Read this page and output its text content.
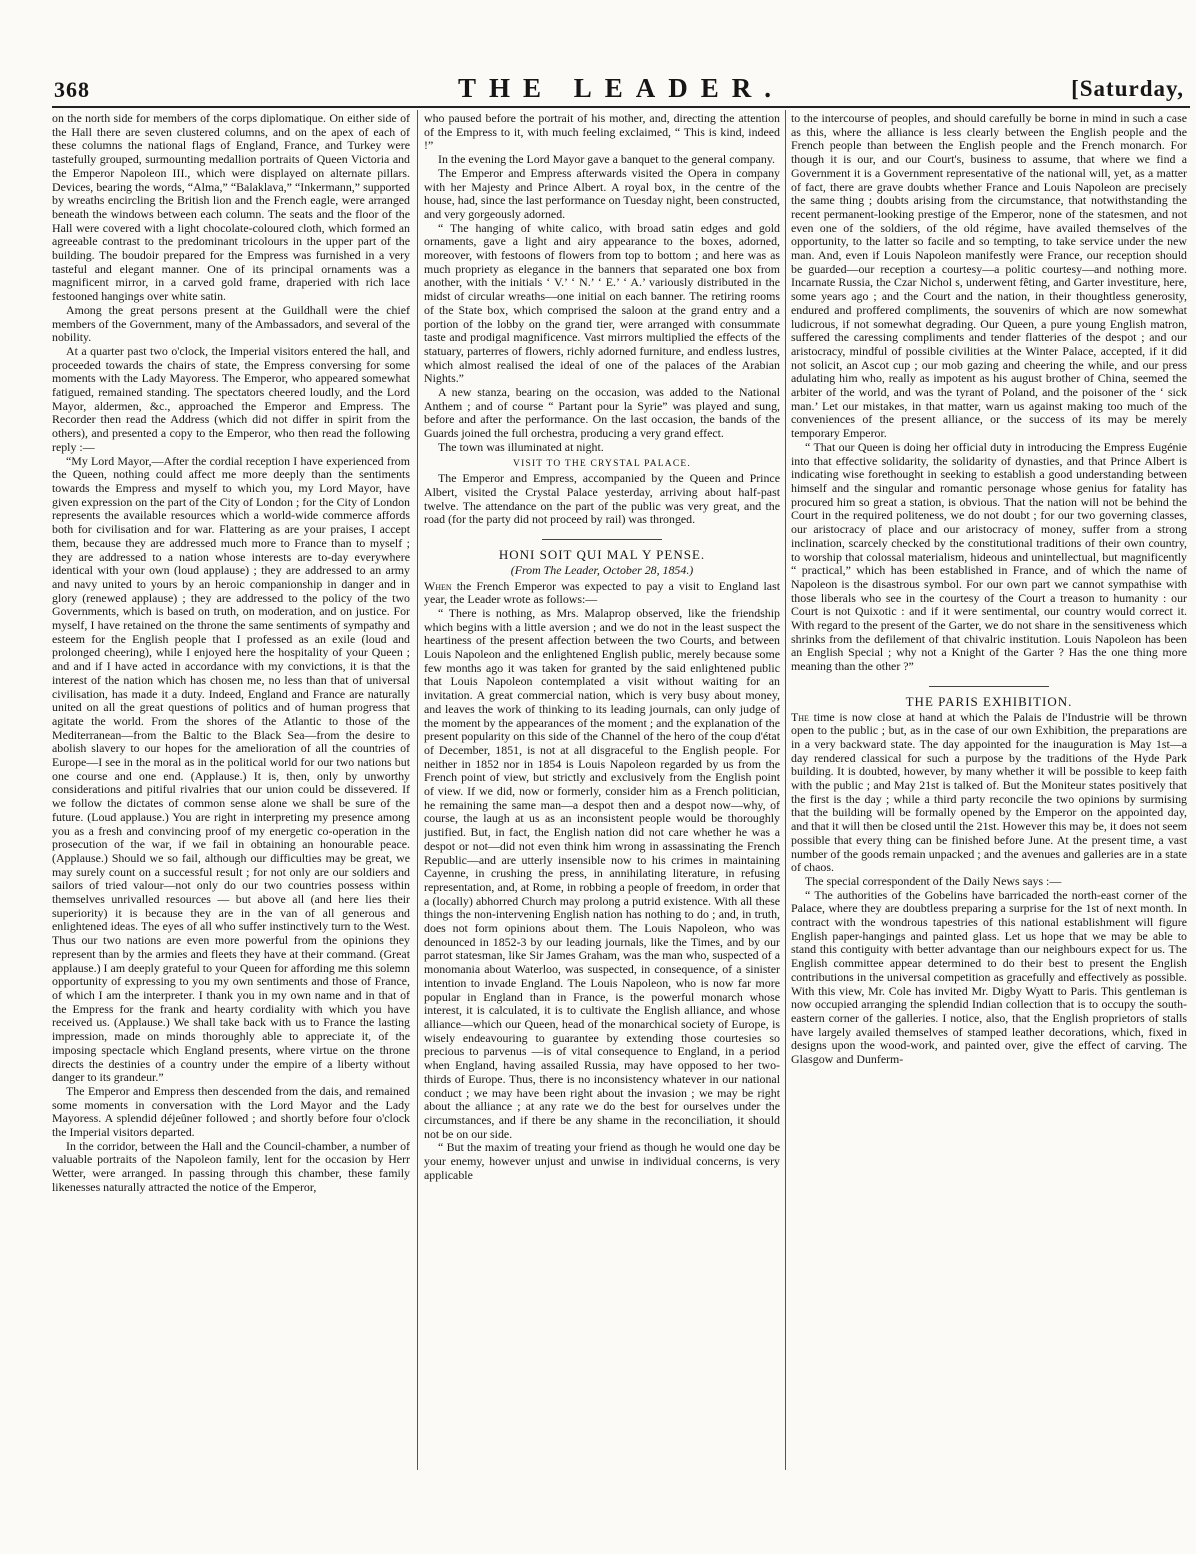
368	THE LEADER.	[Saturday,

on the north side for members of the corps diplomatique. On either side of the Hall there are seven clustered columns, and on the apex of each of these columns the national flags of England, France, and Turkey were tastefully grouped, surmounting medallion portraits of Queen Victoria and the Emperor Napoleon III., which were displayed on alternate pillars. Devices, bearing the words, “Alma,” “Balaklava,” “Inkermann,” supported by wreaths encircling the British lion and the French eagle, were arranged beneath the windows between each column. The seats and the floor of the Hall were covered with a light chocolate-coloured cloth, which formed an agreeable contrast to the predominant tricolours in the upper part of the building. The boudoir prepared for the Empress was furnished in a very tasteful and elegant manner. One of its principal ornaments was a magnificent mirror, in a carved gold frame, draperied with rich lace festooned hangings over white satin.

Among the great persons present at the Guildhall were the chief members of the Government, many of the Ambassadors, and several of the nobility.

At a quarter past two o'clock, the Imperial visitors entered the hall, and proceeded towards the chairs of state, the Empress conversing for some moments with the Lady Mayoress. The Emperor, who appeared somewhat fatigued, remained standing. The spectators cheered loudly, and the Lord Mayor, aldermen, &c., approached the Emperor and Empress. The Recorder then read the Address (which did not differ in spirit from the others), and presented a copy to the Emperor, who then read the following reply :—

“My Lord Mayor,—After the cordial reception I have experienced from the Queen, nothing could affect me more deeply than the sentiments towards the Empress and myself to which you, my Lord Mayor, have given expression on the part of the City of London ; for the City of London represents the available resources which a world-wide commerce affords both for civilisation and for war. Flattering as are your praises, I accept them, because they are addressed much more to France than to myself ; they are addressed to a nation whose interests are to-day everywhere identical with your own (loud applause) ; they are addressed to an army and navy united to yours by an heroic companionship in danger and in glory (renewed applause) ; they are addressed to the policy of the two Governments, which is based on truth, on moderation, and on justice. For myself, I have retained on the throne the same sentiments of sympathy and esteem for the English people that I professed as an exile (loud and prolonged cheering), while I enjoyed here the hospitality of your Queen ; and and if I have acted in accordance with my convictions, it is that the interest of the nation which has chosen me, no less than that of universal civilisation, has made it a duty. Indeed, England and France are naturally united on all the great questions of politics and of human progress that agitate the world. From the shores of the Atlantic to those of the Mediterranean—from the Baltic to the Black Sea—from the desire to abolish slavery to our hopes for the amelioration of all the countries of Europe—I see in the moral as in the political world for our two nations but one course and one end. (Applause.) It is, then, only by unworthy considerations and pitiful rivalries that our union could be dissevered. If we follow the dictates of common sense alone we shall be sure of the future. (Loud applause.) You are right in interpreting my presence among you as a fresh and convincing proof of my energetic co-operation in the prosecution of the war, if we fail in obtaining an honourable peace. (Applause.) Should we so fail, although our difficulties may be great, we may surely count on a successful result ; for not only are our soldiers and sailors of tried valour—not only do our two countries possess within themselves unrivalled resources — but above all (and here lies their superiority) it is because they are in the van of all generous and enlightened ideas. The eyes of all who suffer instinctively turn to the West. Thus our two nations are even more powerful from the opinions they represent than by the armies and fleets they have at their command. (Great applause.) I am deeply grateful to your Queen for affording me this solemn opportunity of expressing to you my own sentiments and those of France, of which I am the interpreter. I thank you in my own name and in that of the Empress for the frank and hearty cordiality with which you have received us. (Applause.) We shall take back with us to France the lasting impression, made on minds thoroughly able to appreciate it, of the imposing spectacle which England presents, where virtue on the throne directs the destinies of a country under the empire of a liberty without danger to its grandeur.”

The Emperor and Empress then descended from the dais, and remained some moments in conversation with the Lord Mayor and the Lady Mayoress. A splendid déjeûner followed ; and shortly before four o'clock the Imperial visitors departed.

In the corridor, between the Hall and the Council-chamber, a number of valuable portraits of the Napoleon family, lent for the occasion by Herr Wetter, were arranged. In passing through this chamber, these family likenesses naturally attracted the notice of the Emperor,

who paused before the portrait of his mother, and, directing the attention of the Empress to it, with much feeling exclaimed, “ This is kind, indeed !”

In the evening the Lord Mayor gave a banquet to the general company.

The Emperor and Empress afterwards visited the Opera in company with her Majesty and Prince Albert. A royal box, in the centre of the house, had, since the last performance on Tuesday night, been constructed, and very gorgeously adorned.

“ The hanging of white calico, with broad satin edges and gold ornaments, gave a light and airy appearance to the boxes, adorned, moreover, with festoons of flowers from top to bottom ; and here was as much propriety as elegance in the banners that separated one box from another, with the initials ‘ V.’ ‘ N.’ ‘ E.’ ‘ A.’ variously distributed in the midst of circular wreaths—one initial on each banner. The retiring rooms of the State box, which comprised the saloon at the grand entry and a portion of the lobby on the grand tier, were arranged with consummate taste and prodigal magnificence. Vast mirrors multiplied the effects of the statuary, parterres of flowers, richly adorned furniture, and endless lustres, which almost realised the ideal of one of the palaces of the Arabian Nights.”

A new stanza, bearing on the occasion, was added to the National Anthem ; and of course “ Partant pour la Syrie” was played and sung, before and after the performance. On the last occasion, the bands of the Guards joined the full orchestra, producing a very grand effect.

The town was illuminated at night.

VISIT TO THE CRYSTAL PALACE.

The Emperor and Empress, accompanied by the Queen and Prince Albert, visited the Crystal Palace yesterday, arriving about half-past twelve. The attendance on the part of the public was very great, and the road (for the party did not proceed by rail) was thronged.

HONI SOIT QUI MAL Y PENSE.
(From The Leader, October 28, 1854.)

When the French Emperor was expected to pay a visit to England last year, the Leader wrote as follows:—

“ There is nothing, as Mrs. Malaprop observed, like the friendship which begins with a little aversion ; and we do not in the least suspect the heartiness of the present affection between the two Courts, and between Louis Napoleon and the enlightened English public, merely because some few months ago it was taken for granted by the said enlightened public that Louis Napoleon contemplated a visit without waiting for an invitation. A great commercial nation, which is very busy about money, and leaves the work of thinking to its leading journals, can only judge of the moment by the appearances of the moment ; and the explanation of the present popularity on this side of the Channel of the hero of the coup d'état of December, 1851, is not at all disgraceful to the English people. For neither in 1852 nor in 1854 is Louis Napoleon regarded by us from the French point of view, but strictly and exclusively from the English point of view. If we did, now or formerly, consider him as a French politician, he remaining the same man—a despot then and a despot now—why, of course, the laugh at us as an inconsistent people would be thoroughly justified. But, in fact, the English nation did not care whether he was a despot or not—did not even think him wrong in assassinating the French Republic—and are utterly insensible now to his crimes in maintaining Cayenne, in crushing the press, in annihilating literature, in refusing representation, and, at Rome, in robbing a people of freedom, in order that a (locally) abhorred Church may prolong a putrid existence. With all these things the non-intervening English nation has nothing to do ; and, in truth, does not form opinions about them. The Louis Napoleon, who was denounced in 1852-3 by our leading journals, like the Times, and by our parrot statesman, like Sir James Graham, was the man who, suspected of a monomania about Waterloo, was suspected, in consequence, of a sinister intention to invade England. The Louis Napoleon, who is now far more popular in England than in France, is the powerful monarch whose interest, it is calculated, it is to cultivate the English alliance, and whose alliance—which our Queen, head of the monarchical society of Europe, is wisely endeavouring to guarantee by extending those courtesies so precious to parvenus —is of vital consequence to England, in a period when England, having assailed Russia, may have opposed to her two-thirds of Europe. Thus, there is no inconsistency whatever in our national conduct ; we may have been right about the invasion ; we may be right about the alliance ; at any rate we do the best for ourselves under the circumstances, and if there be any shame in the reconciliation, it should not be on our side.

“ But the maxim of treating your friend as though he would one day be your enemy, however unjust and unwise in individual concerns, is very applicable

to the intercourse of peoples, and should carefully be borne in mind in such a case as this, where the alliance is less clearly between the English people and the French people than between the English people and the French monarch. For though it is our, and our Court's, business to assume, that where we find a Government it is a Government representative of the national will, yet, as a matter of fact, there are grave doubts whether France and Louis Napoleon are precisely the same thing ; doubts arising from the circumstance, that notwithstanding the recent permanent-looking prestige of the Emperor, none of the statesmen, and not even one of the soldiers, of the old régime, have availed themselves of the opportunity, to the latter so facile and so tempting, to take service under the new man. And, even if Louis Napoleon manifestly were France, our reception should be guarded—our reception a courtesy—a politic courtesy—and nothing more. Incarnate Russia, the Czar Nichol s, underwent fêting, and Garter investiture, here, some years ago ; and the Court and the nation, in their thoughtless generosity, endured and proffered compliments, the souvenirs of which are now somewhat ludicrous, if not somewhat degrading. Our Queen, a pure young English matron, suffered the caressing compliments and tender flatteries of the despot ; and our aristocracy, mindful of possible civilities at the Winter Palace, accepted, if it did not solicit, an Ascot cup ; our mob gazing and cheering the while, and our press adulating him who, really as impotent as his august brother of China, seemed the arbiter of the world, and was the tyrant of Poland, and the poisoner of the ‘ sick man.’ Let our mistakes, in that matter, warn us against making too much of the conveniences of the present alliance, or the success of its may be merely temporary Emperor.

“ That our Queen is doing her official duty in introducing the Empress Eugénie into that effective solidarity, the solidarity of dynasties, and that Prince Albert is indicating wise forethought in seeking to establish a good understanding between himself and the singular and romantic personage whose genius for fatality has procured him so great a station, is obvious. That the nation will not be behind the Court in the required politeness, we do not doubt ; for our two governing classes, our aristocracy of place and our aristocracy of money, suffer from a strong inclination, scarcely checked by the constitutional traditions of their own country, to worship that colossal materialism, hideous and unintellectual, but magnificently “ practical,” which has been established in France, and of which the name of Napoleon is the disastrous symbol. For our own part we cannot sympathise with those liberals who see in the courtesy of the Court a treason to humanity : our Court is not Quixotic : and if it were sentimental, our country would correct it. With regard to the present of the Garter, we do not share in the sensitiveness which shrinks from the defilement of that chivalric institution. Louis Napoleon has been an English Special ; why not a Knight of the Garter ? Has the one thing more meaning than the other ?”

THE PARIS EXHIBITION.

The time is now close at hand at which the Palais de l'Industrie will be thrown open to the public ; but, as in the case of our own Exhibition, the preparations are in a very backward state. The day appointed for the inauguration is May 1st—a day rendered classical for such a purpose by the traditions of the Hyde Park building. It is doubted, however, by many whether it will be possible to keep faith with the public ; and May 21st is talked of. But the Moniteur states positively that the first is the day ; while a third party reconcile the two opinions by surmising that the building will be formally opened by the Emperor on the appointed day, and that it will then be closed until the 21st. However this may be, it does not seem possible that every thing can be finished before June. At the present time, a vast number of the goods remain unpacked ; and the avenues and galleries are in a state of chaos.

The special correspondent of the Daily News says :—

“ The authorities of the Gobelins have barricaded the north-east corner of the Palace, where they are doubtless preparing a surprise for the 1st of next month. In contract with the wondrous tapestries of this national establishment will figure English paper-hangings and painted glass. Let us hope that we may be able to stand this contiguity with better advantage than our neighbours expect for us. The English committee appear determined to do their best to present the English contributions in the universal competition as gracefully and effectively as possible. With this view, Mr. Cole has invited Mr. Digby Wyatt to Paris. This gentleman is now occupied arranging the splendid Indian collection that is to occupy the south-eastern corner of the galleries. I notice, also, that the English proprietors of stalls have largely availed themselves of stamped leather decorations, which, fixed in designs upon the wood-work, and painted over, give the effect of carving. The Glasgow and Dunferm-
